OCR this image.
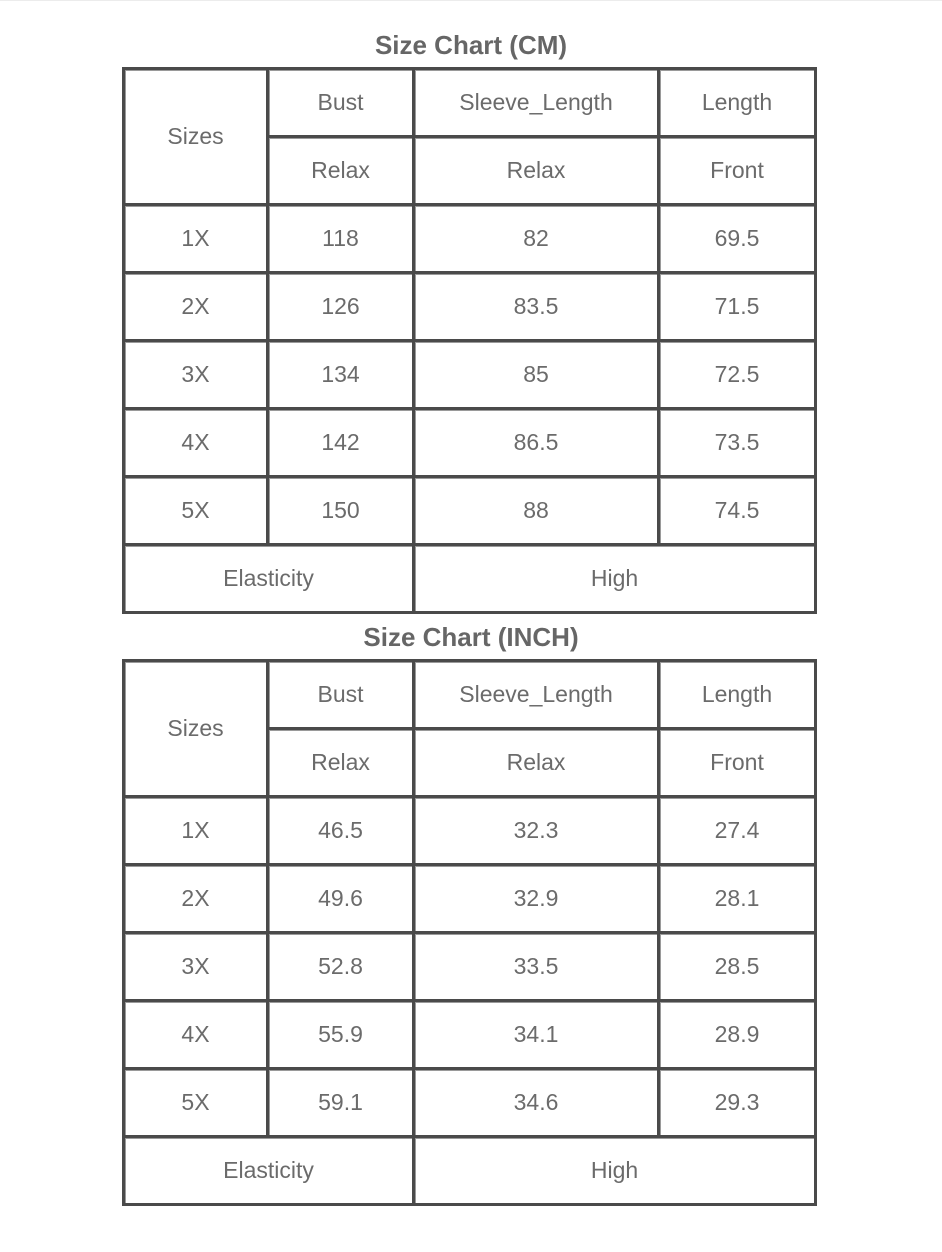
Size Chart (CM)
Sizes	Bust	Sleeve_Length	Length
	Relax	Relax	Front
1X	118	82	69.5
2X	126	83.5	71.5
3X	134	85	72.5
4X	142	86.5	73.5
5X	150	88	74.5
Elasticity		High	
Size Chart (INCH)
Sizes	Bust	Sleeve_Length	Length
	Relax	Relax	Front
1X	46.5	32.3	27.4
2X	49.6	32.9	28.1
3X	52.8	33.5	28.5
4X	55.9	34.1	28.9
5X	59.1	34.6	29.3
Elasticity		High	
